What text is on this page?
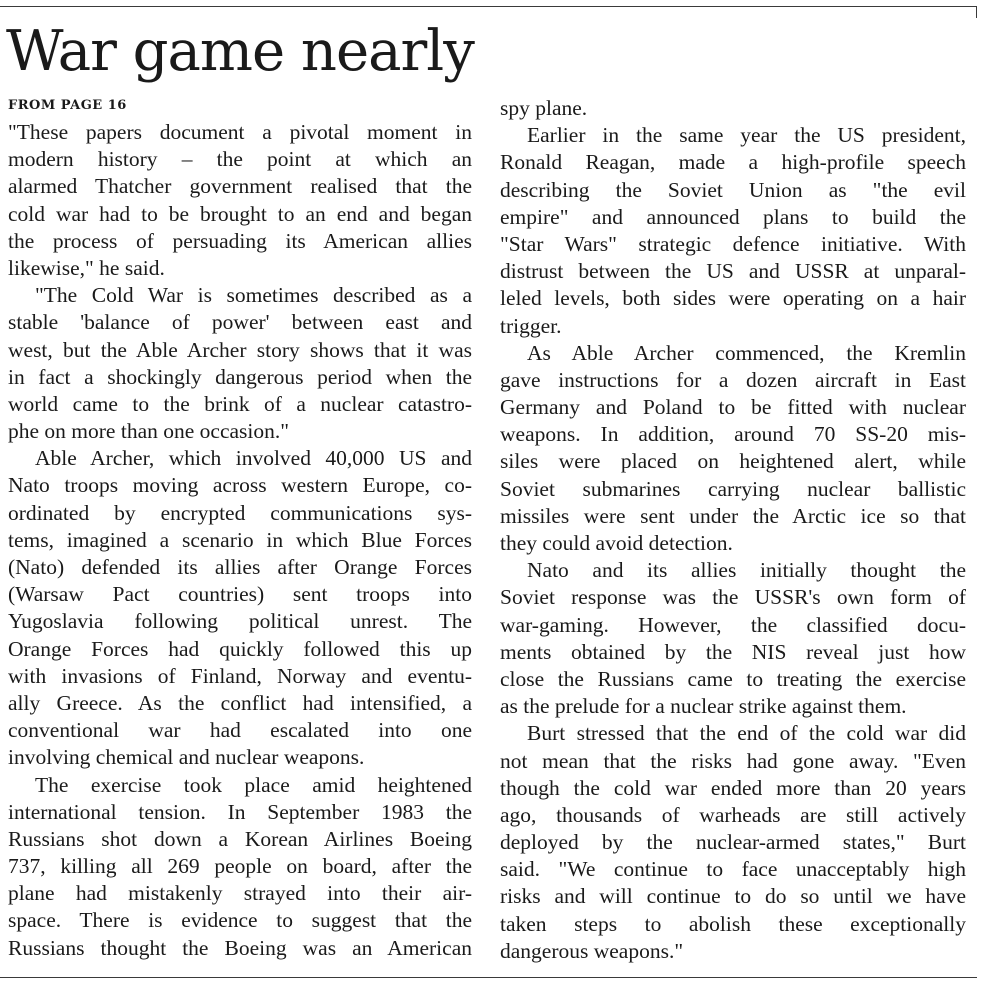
War game nearly
FROM PAGE 16
"These papers document a pivotal moment in
modern history – the point at which an
alarmed Thatcher government realised that the
cold war had to be brought to an end and began
the process of persuading its American allies
likewise," he said.
"The Cold War is sometimes described as a
stable 'balance of power' between east and
west, but the Able Archer story shows that it was
in fact a shockingly dangerous period when the
world came to the brink of a nuclear catastro-
phe on more than one occasion."
Able Archer, which involved 40,000 US and
Nato troops moving across western Europe, co-
ordinated by encrypted communications sys-
tems, imagined a scenario in which Blue Forces
(Nato) defended its allies after Orange Forces
(Warsaw Pact countries) sent troops into
Yugoslavia following political unrest. The
Orange Forces had quickly followed this up
with invasions of Finland, Norway and eventu-
ally Greece. As the conflict had intensified, a
conventional war had escalated into one
involving chemical and nuclear weapons.
The exercise took place amid heightened
international tension. In September 1983 the
Russians shot down a Korean Airlines Boeing
737, killing all 269 people on board, after the
plane had mistakenly strayed into their air-
space. There is evidence to suggest that the
Russians thought the Boeing was an American
spy plane.
Earlier in the same year the US president,
Ronald Reagan, made a high-profile speech
describing the Soviet Union as "the evil
empire" and announced plans to build the
"Star Wars" strategic defence initiative. With
distrust between the US and USSR at unparal-
leled levels, both sides were operating on a hair
trigger.
As Able Archer commenced, the Kremlin
gave instructions for a dozen aircraft in East
Germany and Poland to be fitted with nuclear
weapons. In addition, around 70 SS-20 mis-
siles were placed on heightened alert, while
Soviet submarines carrying nuclear ballistic
missiles were sent under the Arctic ice so that
they could avoid detection.
Nato and its allies initially thought the
Soviet response was the USSR's own form of
war-gaming. However, the classified docu-
ments obtained by the NIS reveal just how
close the Russians came to treating the exercise
as the prelude for a nuclear strike against them.
Burt stressed that the end of the cold war did
not mean that the risks had gone away. "Even
though the cold war ended more than 20 years
ago, thousands of warheads are still actively
deployed by the nuclear-armed states," Burt
said. "We continue to face unacceptably high
risks and will continue to do so until we have
taken steps to abolish these exceptionally
dangerous weapons."
